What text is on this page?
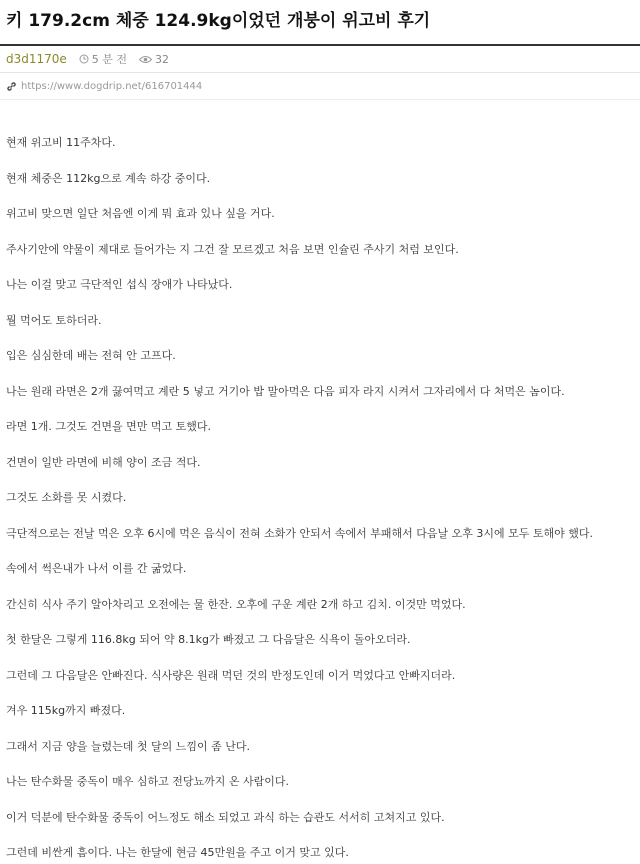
키 179.2cm 체중 124.9kg이었던 개붕이 위고비 후기
d3d1170e 5 분 전	32
https://www.dogdrip.net/616701444

현재 위고비 11주차다.

현재 체중은 112kg으로 계속 하강 중이다.

위고비 맞으면 일단 처음엔 이게 뭐 효과 있나 싶을 거다.

주사기안에 약물이 제대로 들어가는 지 그건 잘 모르겠고 처음 보면 인슐린 주사기 처럼 보인다.

나는 이걸 맞고 극단적인 섭식 장애가 나타났다.

뭘 먹어도 토하더라.

입은 심심한데 배는 전혀 안 고프다.

나는 원래 라면은 2개 끓여먹고 계란 5 넣고 거기아 밥 말아먹은 다음 피자 라지 시켜서 그자리에서 다 처먹은 놈이다.

라면 1개. 그것도 건면을 면만 먹고 토했다.

건면이 일반 라면에 비해 양이 조금 적다.

그것도 소화를 못 시켰다.

극단적으로는 전날 먹은 오후 6시에 먹은 음식이 전혀 소화가 안되서 속에서 부패해서 다음날 오후 3시에 모두 토해야 했다.

속에서 썩은내가 나서 이를 간 굶었다.

간신히 식사 주기 알아차리고 오전에는 물 한잔. 오후에 구운 계란 2개 하고 김치. 이것만 먹었다.

첫 한달은 그렇게 116.8kg 되어 약 8.1kg가 빠졌고 그 다음달은 식욕이 돌아오더라.

그런데 그 다음달은 안빠진다. 식사량은 원래 먹던 것의 반정도인데 이거 먹었다고 안빠지더라.

겨우 115kg까지 빠졌다.

그래서 지금 양을 늘렸는데 첫 달의 느낌이 좀 난다.

나는 탄수화물 중독이 매우 심하고 전당뇨까지 온 사람이다.

이거 덕분에 탄수화물 중독이 어느정도 해소 되었고 과식 하는 습관도 서서히 고쳐지고 있다.

그런데 비싼게 흠이다. 나는 한달에 현금 45만원을 주고 이거 맞고 있다.
